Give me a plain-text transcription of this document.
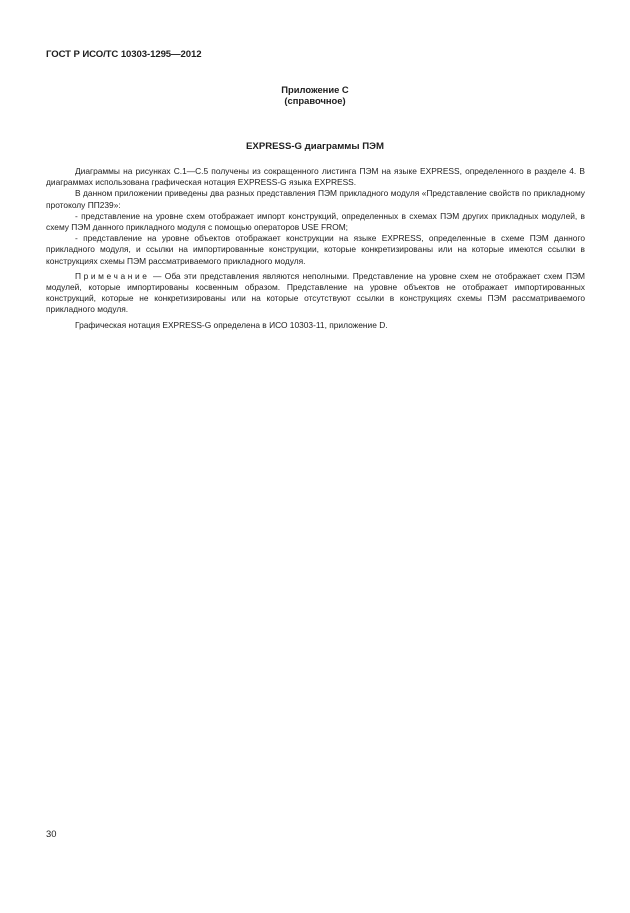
ГОСТ Р ИСО/ТС 10303-1295—2012
Приложение С
(справочное)
EXPRESS-G диаграммы ПЭМ

Диаграммы на рисунках С.1—С.5 получены из сокращенного листинга ПЭМ на языке EXPRESS, определенного в разделе 4. В диаграммах использована графическая нотация EXPRESS-G языка EXPRESS.

В данном приложении приведены два разных представления ПЭМ прикладного модуля «Представление свойств по прикладному протоколу ПП239»:

- представление на уровне схем отображает импорт конструкций, определенных в схемах ПЭМ других прикладных модулей, в схему ПЭМ данного прикладного модуля с помощью операторов USE FROM;

- представление на уровне объектов отображает конструкции на языке EXPRESS, определенные в схеме ПЭМ данного прикладного модуля, и ссылки на импортированные конструкции, которые конкретизированы или на которые имеются ссылки в конструкциях схемы ПЭМ рассматриваемого прикладного модуля.

Примечание — Оба эти представления являются неполными. Представление на уровне схем не отображает схем ПЭМ модулей, которые импортированы косвенным образом. Представление на уровне объектов не отображает импортированных конструкций, которые не конкретизированы или на которые отсутствуют ссылки в конструкциях схемы ПЭМ рассматриваемого прикладного модуля.

Графическая нотация EXPRESS-G определена в ИСО 10303-11, приложение D.

30
